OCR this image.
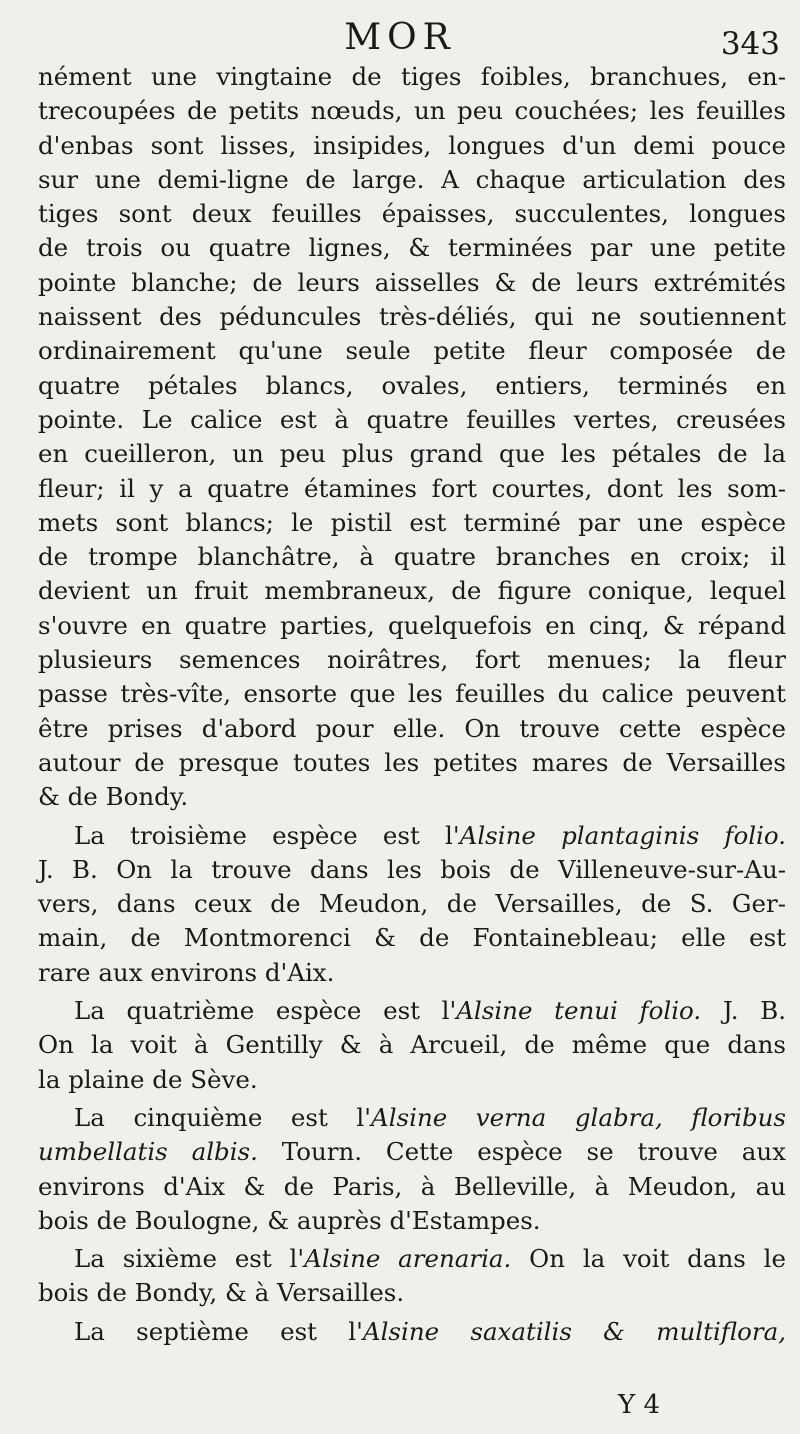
MOR	343
nément une vingtaine de tiges foibles, branchues, en-
trecoupées de petits nœuds, un peu couchées; les feuilles
d'enbas sont lisses, insipides, longues d'un demi pouce
sur une demi-ligne de large. A chaque articulation des
tiges sont deux feuilles épaisses, succulentes, longues
de trois ou quatre lignes, & terminées par une petite
pointe blanche; de leurs aisselles & de leurs extrémités
naissent des péduncules très-déliés, qui ne soutiennent
ordinairement qu'une seule petite fleur composée de
quatre pétales blancs, ovales, entiers, terminés en
pointe. Le calice est à quatre feuilles vertes, creusées
en cueilleron, un peu plus grand que les pétales de la
fleur; il y a quatre étamines fort courtes, dont les som-
mets sont blancs; le pistil est terminé par une espèce
de trompe blanchâtre, à quatre branches en croix; il
devient un fruit membraneux, de figure conique, lequel
s'ouvre en quatre parties, quelquefois en cinq, & répand
plusieurs semences noirâtres, fort menues; la fleur
passe très-vîte, ensorte que les feuilles du calice peuvent
être prises d'abord pour elle. On trouve cette espèce
autour de presque toutes les petites mares de Versailles
& de Bondy.
La troisième espèce est l'Alsine plantaginis folio.
J. B. On la trouve dans les bois de Villeneuve-sur-Au-
vers, dans ceux de Meudon, de Versailles, de S. Ger-
main, de Montmorenci & de Fontainebleau; elle est
rare aux environs d'Aix.
La quatrième espèce est l'Alsine tenui folio. J. B.
On la voit à Gentilly & à Arcueil, de même que dans
la plaine de Sève.
La cinquième est l'Alsine verna glabra, floribus
umbellatis albis. Tourn. Cette espèce se trouve aux
environs d'Aix & de Paris, à Belleville, à Meudon, au
bois de Boulogne, & auprès d'Estampes.
La sixième est l'Alsine arenaria. On la voit dans le
bois de Bondy, & à Versailles.
La septième est l'Alsine saxatilis & multiflora,
Y 4
